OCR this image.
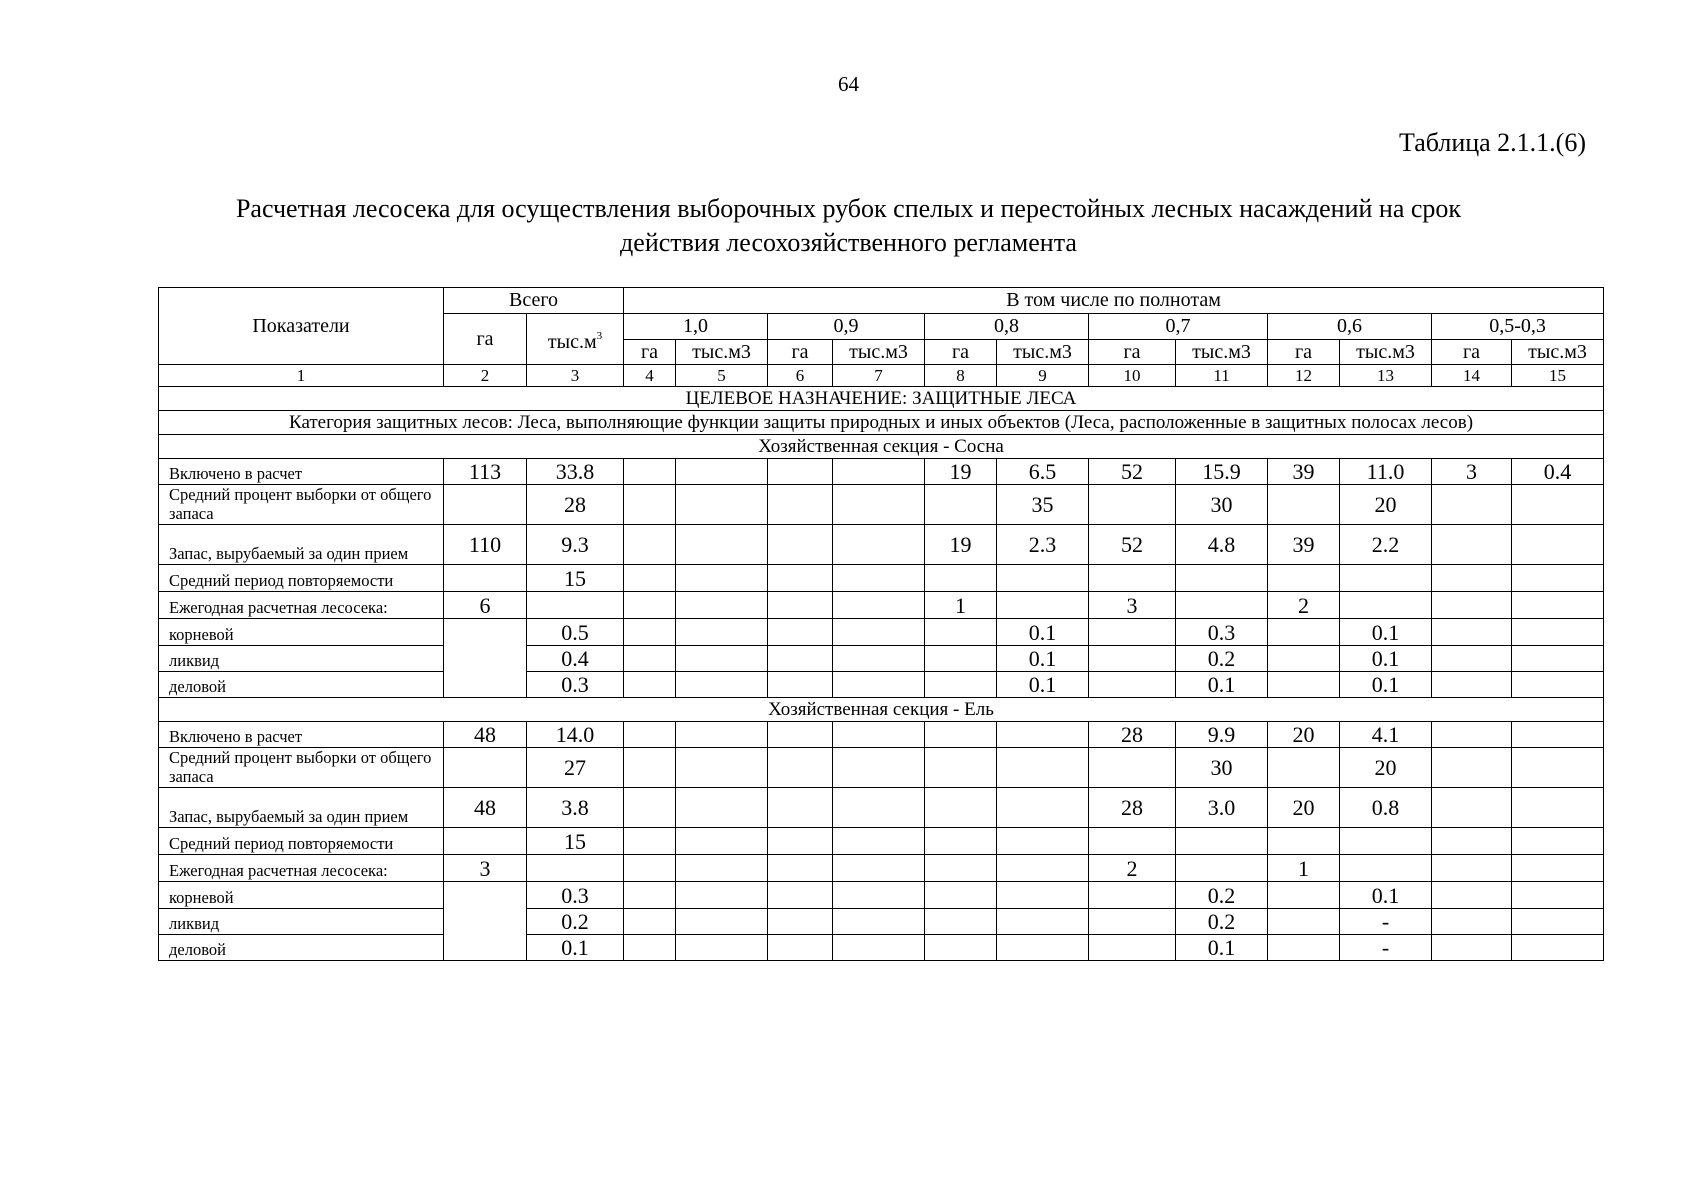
64
Таблица 2.1.1.(6)
Расчетная лесосека для осуществления выборочных рубок спелых и перестойных лесных насаждений на срок
действия лесохозяйственного регламента
Показатели	Всего		В том числе по полнотам											
	га	$тыс.м^3$	1,0		0,9		0,8		0,7		0,6		0,5-0,3	
			га	тыс.м3	га	тыс.м3	га	тыс.м3	га	тыс.м3	га	тыс.м3	га	тыс.м3
1	2	3	4	5	6	7	8	9	10	11	12	13	14	15
ЦЕЛЕВОЕ НАЗНАЧЕНИЕ: ЗАЩИТНЫЕ ЛЕСА														
Категория защитных лесов: Леса, выполняющие функции защиты природных и иных объектов (Леса, расположенные в защитных полосах лесов)														
Хозяйственная секция - Сосна														
Включено в расчет	113	33.8					19	6.5	52	15.9	39	11.0	3	0.4
Средний процент выборки от общего запаса		28						35		30		20		
Запас, вырубаемый за один прием	110	9.3					19	2.3	52	4.8	39	2.2		
Средний период повторяемости		15												
Ежегодная расчетная лесосека:	6						1		3		2			
корневой		0.5						0.1		0.3		0.1		
ликвид		0.4						0.1		0.2		0.1		
деловой		0.3						0.1		0.1		0.1		
Хозяйственная секция - Ель														
Включено в расчет	48	14.0							28	9.9	20	4.1		
Средний процент выборки от общего запаса		27								30		20		
Запас, вырубаемый за один прием	48	3.8							28	3.0	20	0.8		
Средний период повторяемости		15												
Ежегодная расчетная лесосека:	3								2		1			
корневой		0.3								0.2		0.1		
ликвид		0.2								0.2		-		
деловой		0.1								0.1		-		
